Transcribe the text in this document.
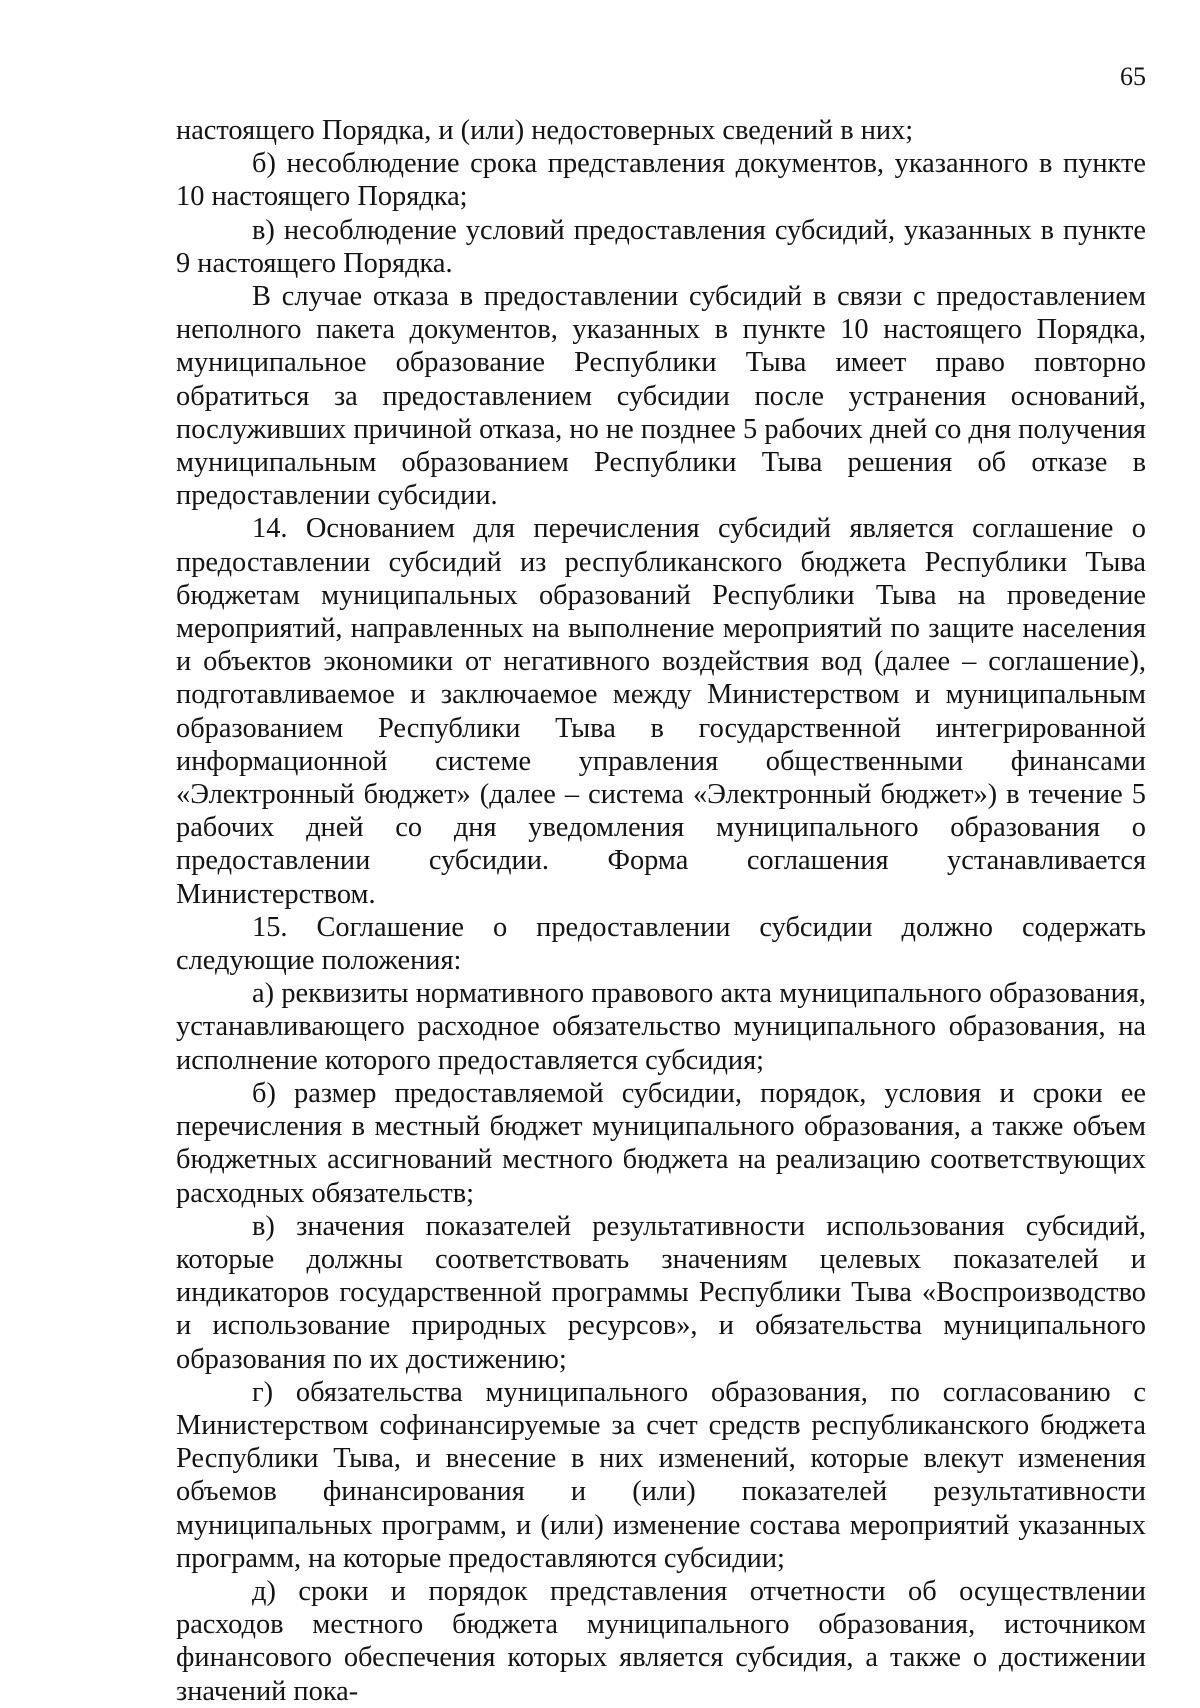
65

настоящего Порядка, и (или) недостоверных сведений в них;

б) несоблюдение срока представления документов, указанного в пункте 10 настоящего Порядка;

в) несоблюдение условий предоставления субсидий, указанных в пункте 9 настоящего Порядка.

В случае отказа в предоставлении субсидий в связи с предоставлением неполного пакета документов, указанных в пункте 10 настоящего Порядка, муниципальное образование Республики Тыва имеет право повторно обратиться за предоставлением субсидии после устранения оснований, послуживших причиной отказа, но не позднее 5 рабочих дней со дня получения муниципальным образованием Республики Тыва решения об отказе в предоставлении субсидии.

14. Основанием для перечисления субсидий является соглашение о предоставлении субсидий из республиканского бюджета Республики Тыва бюджетам муниципальных образований Республики Тыва на проведение мероприятий, направленных на выполнение мероприятий по защите населения и объектов экономики от негативного воздействия вод (далее – соглашение), подготавливаемое и заключаемое между Министерством и муниципальным образованием Республики Тыва в государственной интегрированной информационной системе управления общественными финансами «Электронный бюджет» (далее – система «Электронный бюджет») в течение 5 рабочих дней со дня уведомления муниципального образования о предоставлении субсидии. Форма соглашения устанавливается Министерством.

15. Соглашение о предоставлении субсидии должно содержать следующие положения:

а) реквизиты нормативного правового акта муниципального образования, устанавливающего расходное обязательство муниципального образования, на исполнение которого предоставляется субсидия;

б) размер предоставляемой субсидии, порядок, условия и сроки ее перечисления в местный бюджет муниципального образования, а также объем бюджетных ассигнований местного бюджета на реализацию соответствующих расходных обязательств;

в) значения показателей результативности использования субсидий, которые должны соответствовать значениям целевых показателей и индикаторов государственной программы Республики Тыва «Воспроизводство и использование природных ресурсов», и обязательства муниципального образования по их достижению;

г) обязательства муниципального образования, по согласованию с Министерством софинансируемые за счет средств республиканского бюджета Республики Тыва, и внесение в них изменений, которые влекут изменения объемов финансирования и (или) показателей результативности муниципальных программ, и (или) изменение состава мероприятий указанных программ, на которые предоставляются субсидии;

д) сроки и порядок представления отчетности об осуществлении расходов местного бюджета муниципального образования, источником финансового обеспечения которых является субсидия, а также о достижении значений пока-
